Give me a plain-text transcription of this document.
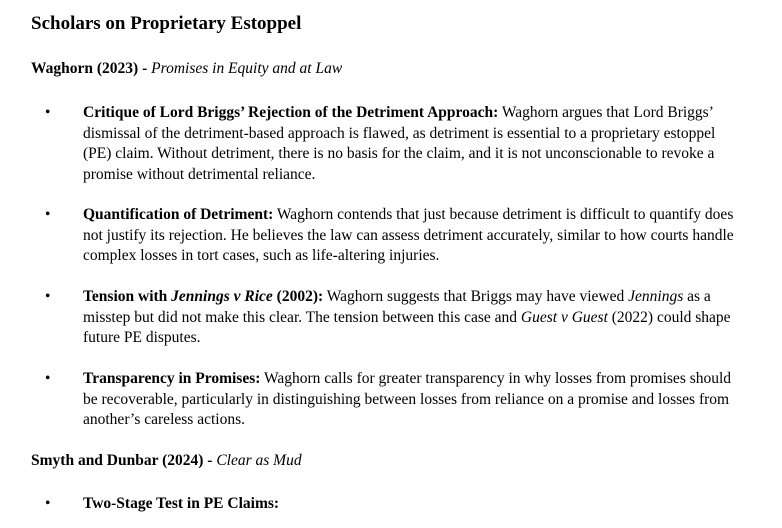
Scholars on Proprietary Estoppel
Waghorn (2023) - Promises in Equity and at Law
• Critique of Lord Briggs’ Rejection of the Detriment Approach: Waghorn argues that Lord Briggs’ dismissal of the detriment-based approach is flawed, as detriment is essential to a proprietary estoppel (PE) claim. Without detriment, there is no basis for the claim, and it is not unconscionable to revoke a promise without detrimental reliance.
• Quantification of Detriment: Waghorn contends that just because detriment is difficult to quantify does not justify its rejection. He believes the law can assess detriment accurately, similar to how courts handle complex losses in tort cases, such as life-altering injuries.
• Tension with Jennings v Rice (2002): Waghorn suggests that Briggs may have viewed Jennings as a misstep but did not make this clear. The tension between this case and Guest v Guest (2022) could shape future PE disputes.
• Transparency in Promises: Waghorn calls for greater transparency in why losses from promises should be recoverable, particularly in distinguishing between losses from reliance on a promise and losses from another’s careless actions.
Smyth and Dunbar (2024) - Clear as Mud
• Two-Stage Test in PE Claims:
